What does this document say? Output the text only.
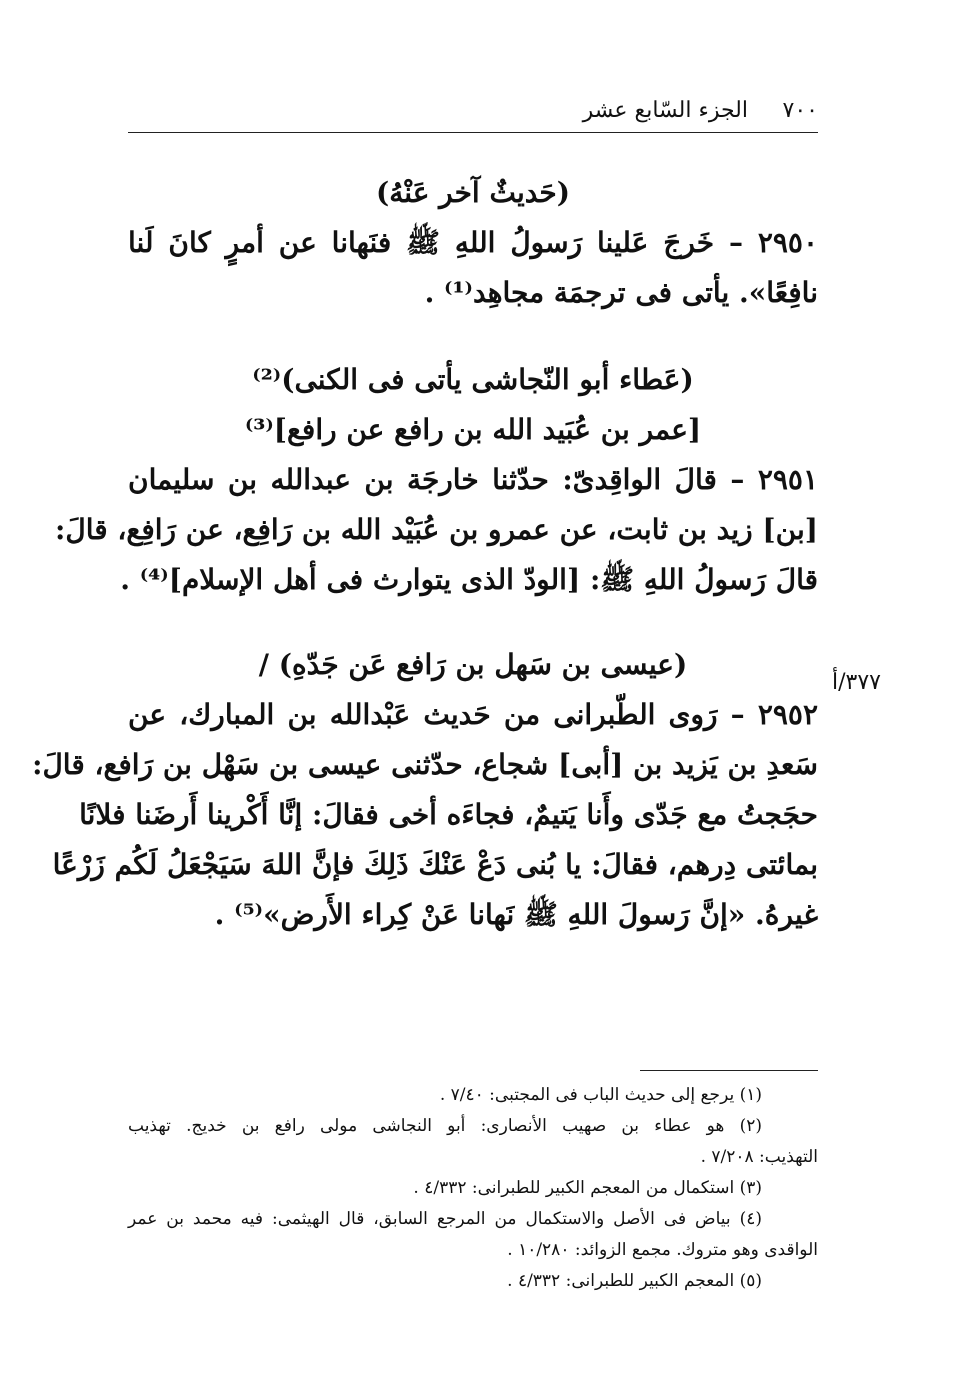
٧٠٠
الجزء السّابع عشر
(حَديثٌ آخر عَنْهُ)
٢٩٥٠ – خَرجَ عَلينا رَسولُ اللهِ ﷺ فنَهانا عن أمرٍ كانَ لَنا
نافِعًا». يأتى فى ترجمَة مجاهِد⁽¹⁾ .
(عَطاء أبو النّجاشى يأتى فى الكنى)⁽²⁾
[عمر بن عُبَيد الله بن رافع عن رافع]⁽³⁾
٢٩٥١ – قالَ الواقِدىّ: حدّثنا خارجَة بن عبدالله بن سليمان
[بن] زيد بن ثابت، عن عمرو بن عُبَيْد الله بن رَافِع، عن رَافِع، قالَ:
قالَ رَسولُ اللهِ ﷺ: [الودّ الذى يتوارث فى أهل الإسلام]⁽⁴⁾ .
(عيسى بن سَهل بن رَافع عَن جَدّهِ) /
٢٩٥٢ – رَوى الطّبرانى من حَديث عَبْدالله بن المبارك، عن
سَعدِ بن يَزيد بن [أبى] شجاع، حدّثنى عيسى بن سَهْل بن رَافع، قالَ:
حجَجتُ مع جَدّى وأَنا يَتيمٌ، فجاءَه أخى فقالَ: إنَّا أَكْرينا أَرضَنا فلانًا
بمائتى دِرهم، فقالَ: يا بُنى دَعْ عَنْكَ ذَلِكَ فإنَّ اللهَ سَيَجْعَلُ لَكُم زَرْعًا
غيرهُ. «إنَّ رَسولَ اللهِ ﷺ نَهانا عَنْ كِراء الأَرض»⁽⁵⁾ .
٣٧٧/أ
(١) يرجع إلى حديث الباب فى المجتبى: ٧/٤٠ .
(٢) هو عطاء بن صهيب الأنصارى: أبو النجاشى مولى رافع بن خديج. تهذيب
التهذيب: ٧/٢٠٨ .
(٣) استكمال من المعجم الكبير للطبرانى: ٤/٣٣٢ .
(٤) بياض فى الأصل والاستكمال من المرجع السابق، قال الهيثمى: فيه محمد بن عمر
الواقدى وهو متروك. مجمع الزوائد: ١٠/٢٨٠ .
(٥) المعجم الكبير للطبرانى: ٤/٣٣٢ .
